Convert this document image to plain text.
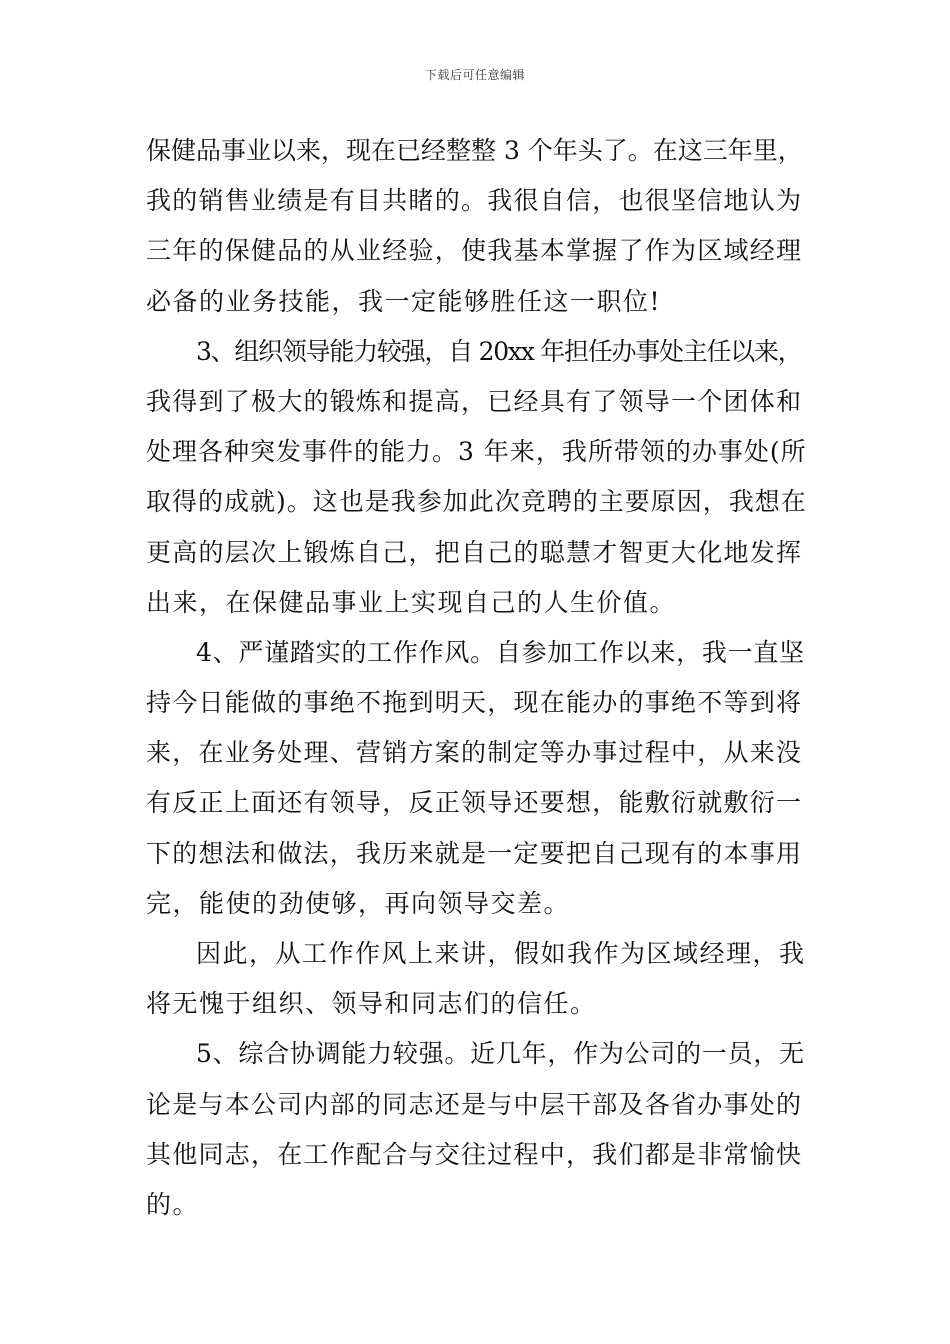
下载后可任意编辑
保健品事业以来，现在已经整整 3 个年头了。在这三年里，
我的销售业绩是有目共睹的。我很自信，也很坚信地认为
三年的保健品的从业经验，使我基本掌握了作为区域经理
必备的业务技能，我一定能够胜任这一职位!
3、组织领导能力较强，自 20xx 年担任办事处主任以来，
我得到了极大的锻炼和提高，已经具有了领导一个团体和
处理各种突发事件的能力。3 年来，我所带领的办事处(所
取得的成就)。这也是我参加此次竞聘的主要原因，我想在
更高的层次上锻炼自己，把自己的聪慧才智更大化地发挥
出来，在保健品事业上实现自己的人生价值。
4、严谨踏实的工作作风。自参加工作以来，我一直坚
持今日能做的事绝不拖到明天，现在能办的事绝不等到将
来，在业务处理、营销方案的制定等办事过程中，从来没
有反正上面还有领导，反正领导还要想，能敷衍就敷衍一
下的想法和做法，我历来就是一定要把自己现有的本事用
完，能使的劲使够，再向领导交差。
因此，从工作作风上来讲，假如我作为区域经理，我
将无愧于组织、领导和同志们的信任。
5、综合协调能力较强。近几年，作为公司的一员，无
论是与本公司内部的同志还是与中层干部及各省办事处的
其他同志，在工作配合与交往过程中，我们都是非常愉快
的。
